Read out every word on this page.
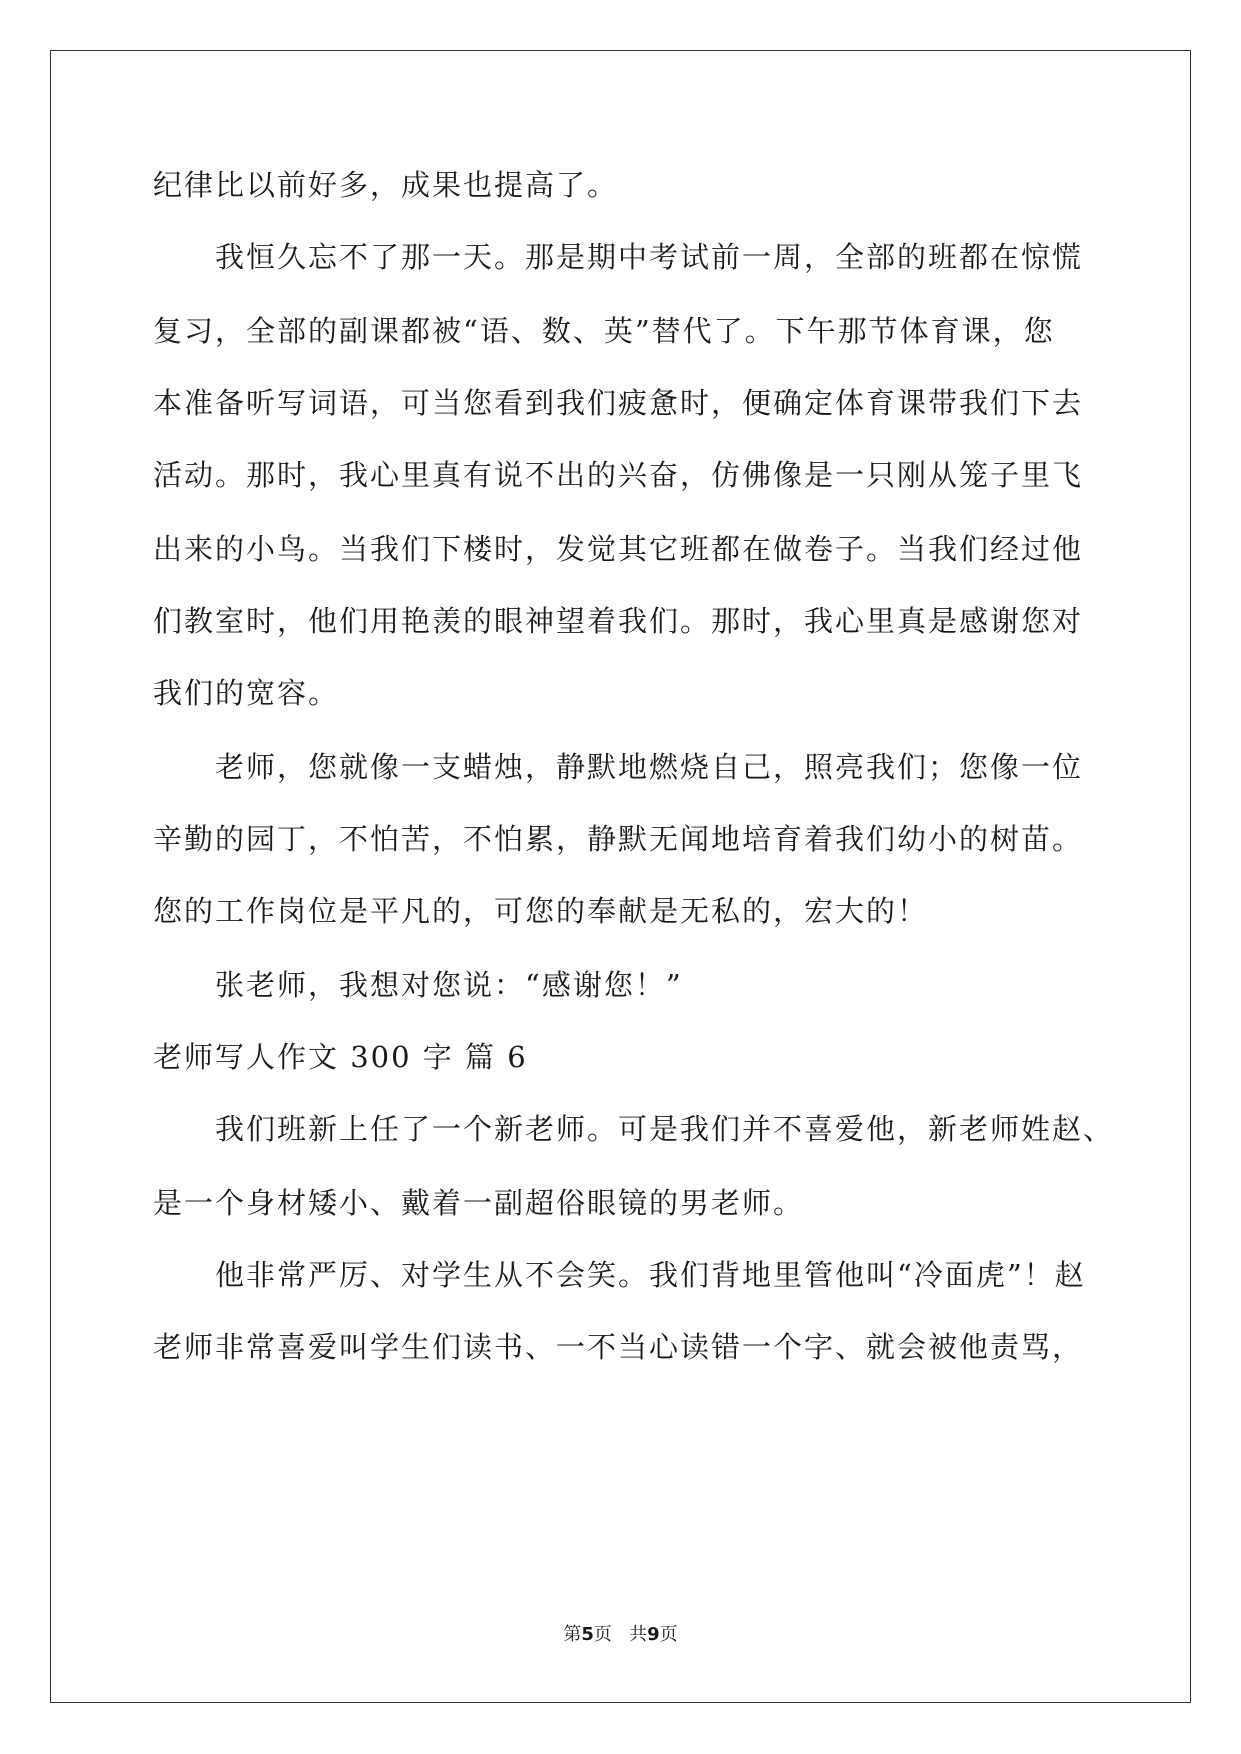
纪律比以前好多，成果也提高了。
我恒久忘不了那一天。那是期中考试前一周，全部的班都在惊慌
复习，全部的副课都被“语、数、英”替代了。下午那节体育课，您
本准备听写词语，可当您看到我们疲惫时，便确定体育课带我们下去
活动。那时，我心里真有说不出的兴奋，仿佛像是一只刚从笼子里飞
出来的小鸟。当我们下楼时，发觉其它班都在做卷子。当我们经过他
们教室时，他们用艳羡的眼神望着我们。那时，我心里真是感谢您对
我们的宽容。
老师，您就像一支蜡烛，静默地燃烧自己，照亮我们；您像一位
辛勤的园丁，不怕苦，不怕累，静默无闻地培育着我们幼小的树苗。
您的工作岗位是平凡的，可您的奉献是无私的，宏大的！
张老师，我想对您说：“感谢您！”
老师写人作文 300 字 篇 6
我们班新上任了一个新老师。可是我们并不喜爱他，新老师姓赵、
是一个身材矮小、戴着一副超俗眼镜的男老师。
他非常严厉、对学生从不会笑。我们背地里管他叫“冷面虎”！赵
老师非常喜爱叫学生们读书、一不当心读错一个字、就会被他责骂，
第5页 共9页
